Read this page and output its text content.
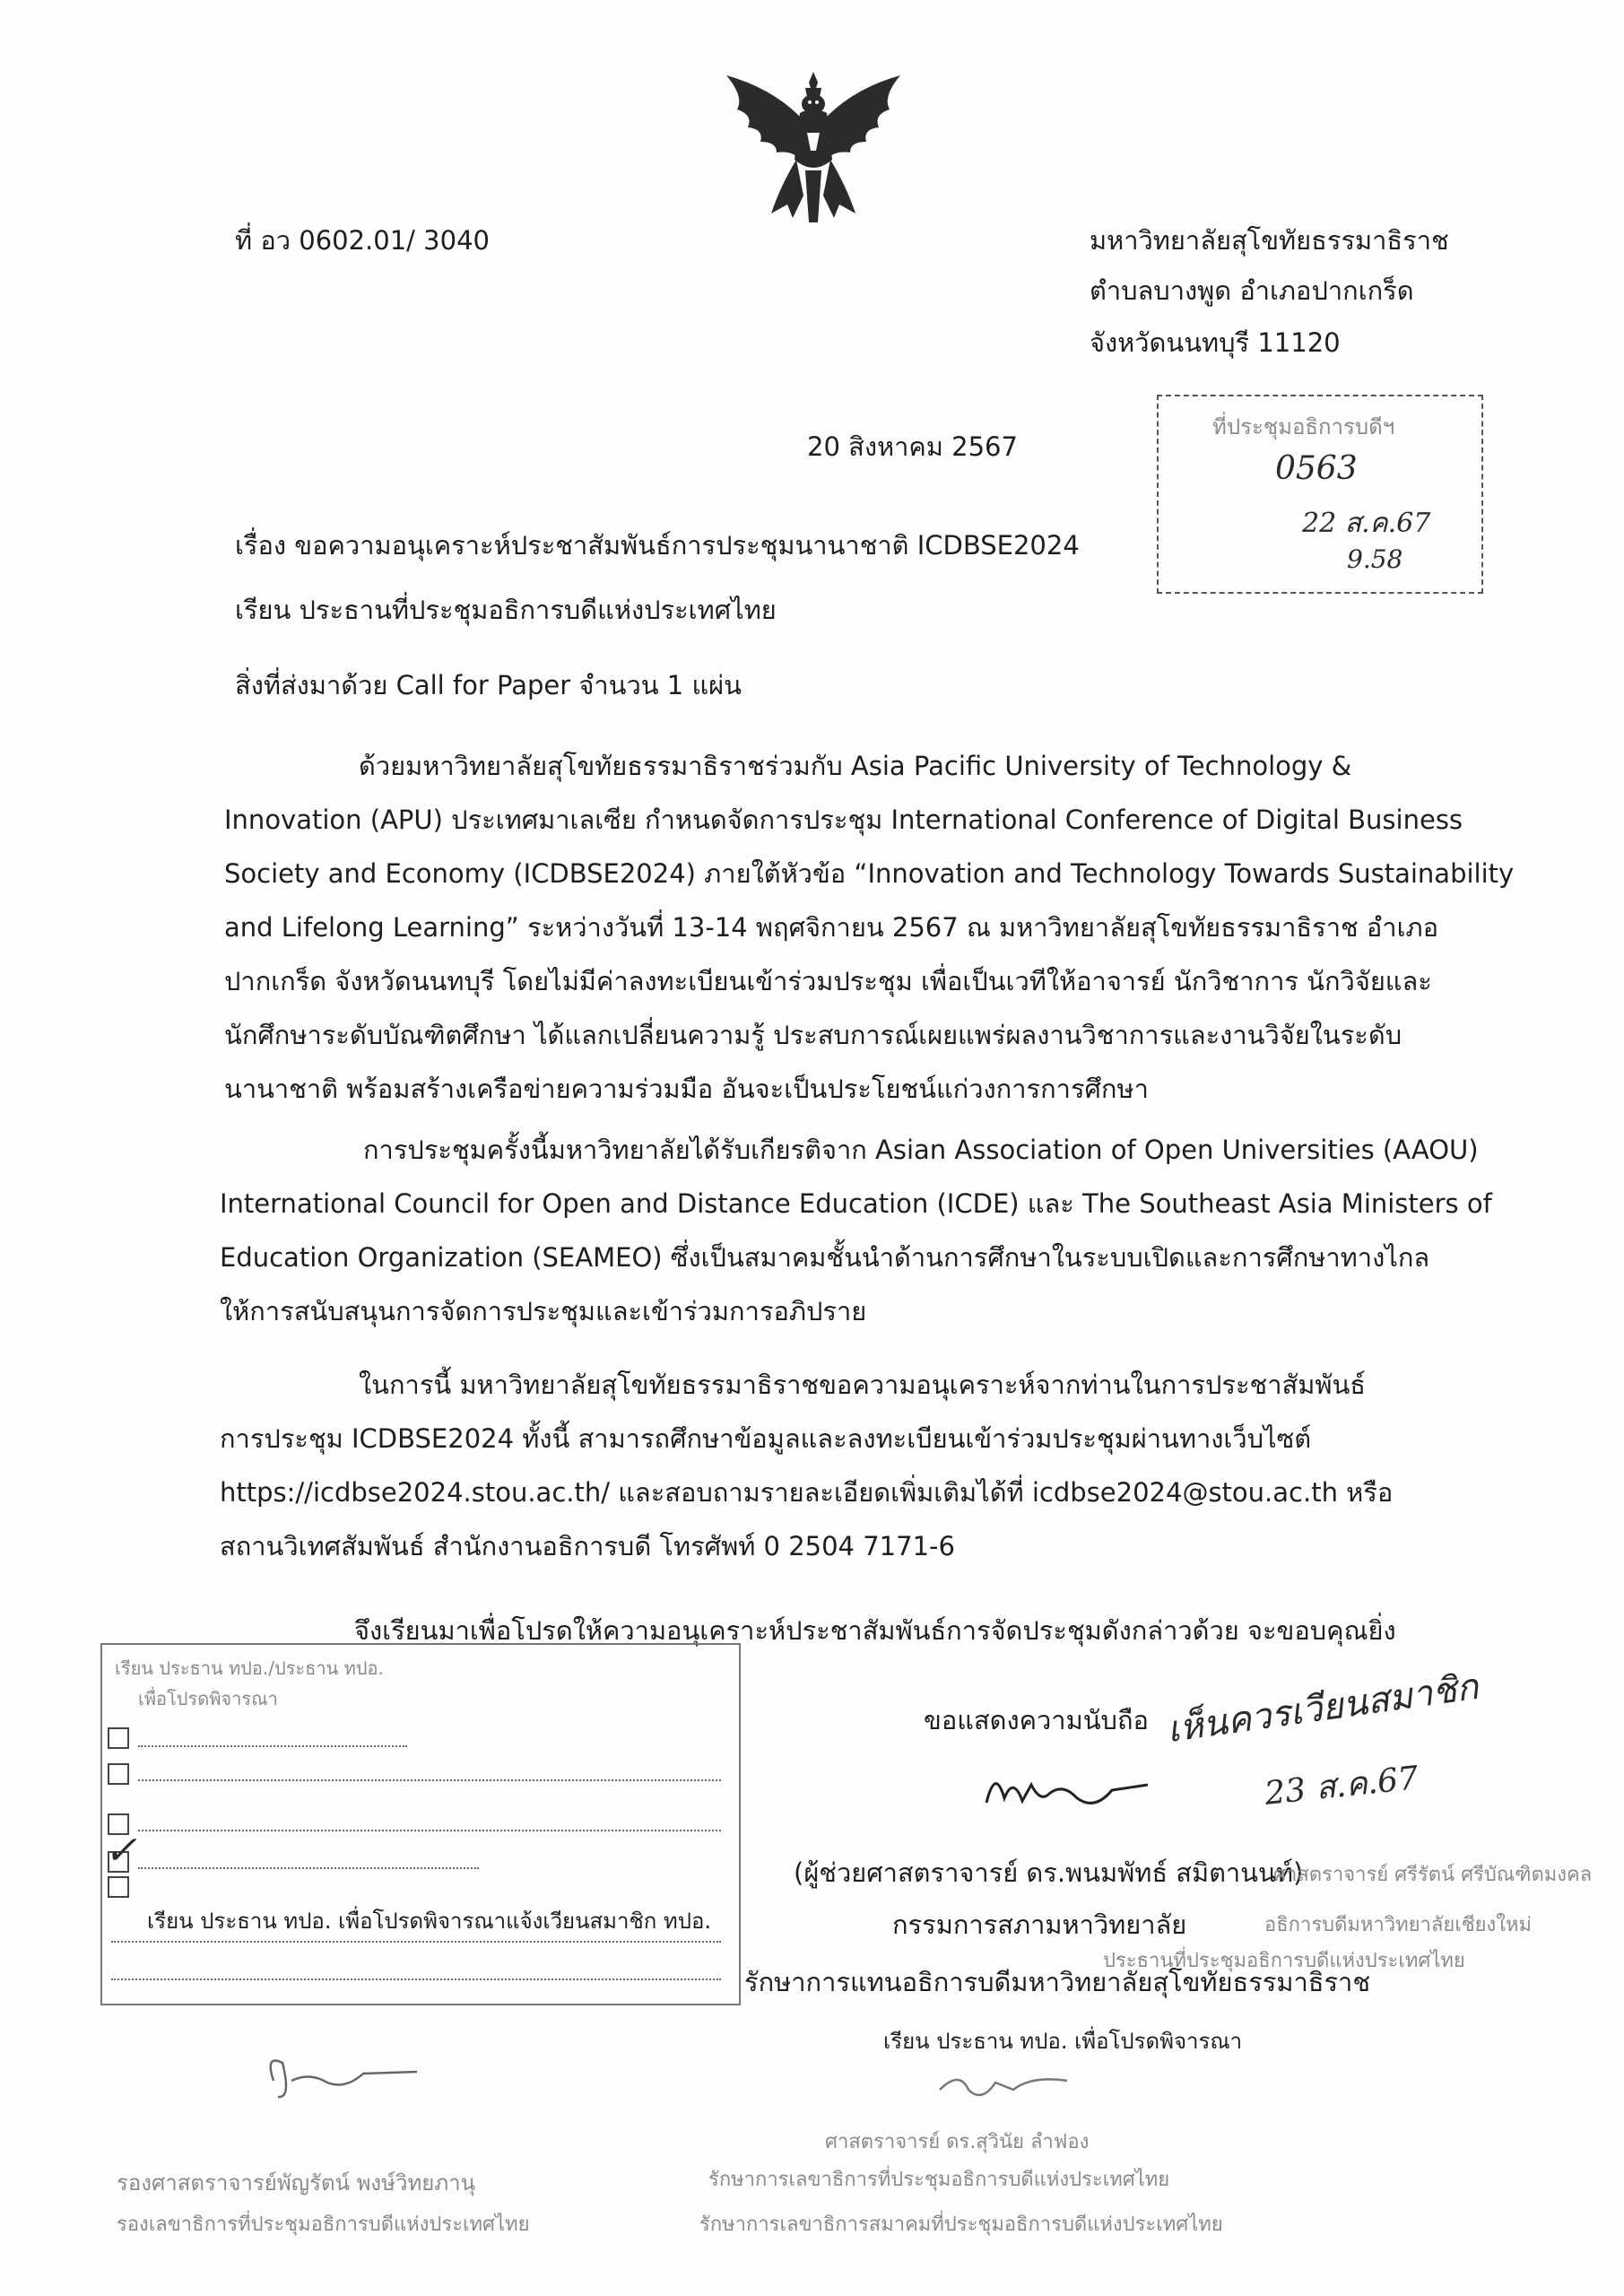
ที่ อว 0602.01/ 3040	มหาวิทยาลัยสุโขทัยธรรมาธิราช
ตำบลบางพูด อำเภอปากเกร็ด
จังหวัดนนทบุรี 11120
ที่ประชุมอธิการบดีฯ
0563
22 ส.ค.67
9.58
20 สิงหาคม 2567
เรื่อง ขอความอนุเคราะห์ประชาสัมพันธ์การประชุมนานาชาติ ICDBSE2024
เรียน ประธานที่ประชุมอธิการบดีแห่งประเทศไทย
สิ่งที่ส่งมาด้วย Call for Paper จำนวน 1 แผ่น
ด้วยมหาวิทยาลัยสุโขทัยธรรมาธิราชร่วมกับ Asia Pacific University of Technology &
Innovation (APU) ประเทศมาเลเซีย กำหนดจัดการประชุม International Conference of Digital Business
Society and Economy (ICDBSE2024) ภายใต้หัวข้อ “Innovation and Technology Towards Sustainability
and Lifelong Learning” ระหว่างวันที่ 13-14 พฤศจิกายน 2567 ณ มหาวิทยาลัยสุโขทัยธรรมาธิราช อำเภอ
ปากเกร็ด จังหวัดนนทบุรี โดยไม่มีค่าลงทะเบียนเข้าร่วมประชุม เพื่อเป็นเวทีให้อาจารย์ นักวิชาการ นักวิจัยและ
นักศึกษาระดับบัณฑิตศึกษา ได้แลกเปลี่ยนความรู้ ประสบการณ์เผยแพร่ผลงานวิชาการและงานวิจัยในระดับ
นานาชาติ พร้อมสร้างเครือข่ายความร่วมมือ อันจะเป็นประโยชน์แก่วงการการศึกษา
การประชุมครั้งนี้มหาวิทยาลัยได้รับเกียรติจาก Asian Association of Open Universities (AAOU)
International Council for Open and Distance Education (ICDE) และ The Southeast Asia Ministers of
Education Organization (SEAMEO) ซึ่งเป็นสมาคมชั้นนำด้านการศึกษาในระบบเปิดและการศึกษาทางไกล
ให้การสนับสนุนการจัดการประชุมและเข้าร่วมการอภิปราย
ในการนี้ มหาวิทยาลัยสุโขทัยธรรมาธิราชขอความอนุเคราะห์จากท่านในการประชาสัมพันธ์
การประชุม ICDBSE2024 ทั้งนี้ สามารถศึกษาข้อมูลและลงทะเบียนเข้าร่วมประชุมผ่านทางเว็บไซต์
https://icdbse2024.stou.ac.th/ และสอบถามรายละเอียดเพิ่มเติมได้ที่ icdbse2024@stou.ac.th หรือ
สถานวิเทศสัมพันธ์ สำนักงานอธิการบดี โทรศัพท์ 0 2504 7171-6
จึงเรียนมาเพื่อโปรดให้ความอนุเคราะห์ประชาสัมพันธ์การจัดประชุมดังกล่าวด้วย จะขอบคุณยิ่ง
เรียน ประธาน ทปอ./ประธาน ทปอ.
เพื่อโปรดพิจารณา
✓
เรียน ประธาน ทปอ. เพื่อโปรดพิจารณาแจ้งเวียนสมาชิก ทปอ.
ขอแสดงความนับถือ เห็นควรเวียนสมาชิก
23 ส.ค.67
(ผู้ช่วยศาสตราจารย์ ดร.พนมพัทธ์ สมิตานนท์)
ศาสตราจารย์ ศรีรัตน์ ศรีบัณฑิตมงคล
กรรมการสภามหาวิทยาลัย	อธิการบดีมหาวิทยาลัยเชียงใหม่
ประธานที่ประชุมอธิการบดีแห่งประเทศไทย
รักษาการแทนอธิการบดีมหาวิทยาลัยสุโขทัยธรรมาธิราช
เรียน ประธาน ทปอ. เพื่อโปรดพิจารณา
ศาสตราจารย์ ดร.สุวินัย ลำฟอง
รักษาการเลขาธิการที่ประชุมอธิการบดีแห่งประเทศไทย
รักษาการเลขาธิการสมาคมที่ประชุมอธิการบดีแห่งประเทศไทย
รองศาสตราจารย์พัญรัตน์ พงษ์วิทยภานุ
รองเลขาธิการที่ประชุมอธิการบดีแห่งประเทศไทย
